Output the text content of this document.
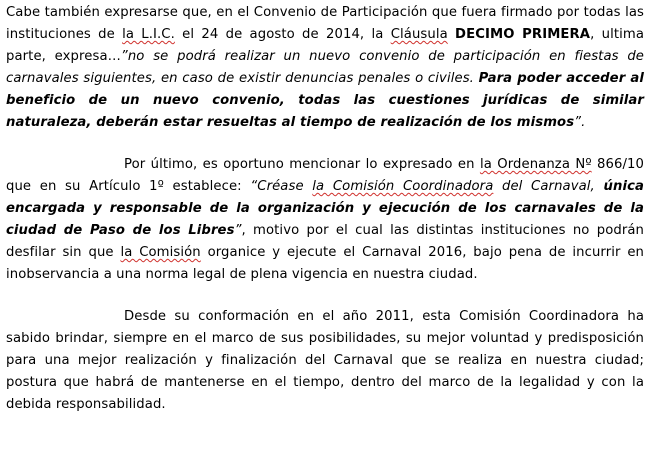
Cabe también expresarse que, en el Convenio de Participación que fuera firmado por todas las instituciones de la L.I.C. el 24 de agosto de 2014, la Cláusula DECIMO PRIMERA, ultima parte, expresa…”no se podrá realizar un nuevo convenio de participación en fiestas de carnavales siguientes, en caso de existir denuncias penales o civiles. Para poder acceder al beneficio de un nuevo convenio, todas las cuestiones jurídicas de similar naturaleza, deberán estar resueltas al tiempo de realización de los mismos”.

Por último, es oportuno mencionar lo expresado en la Ordenanza Nº 866/10 que en su Artículo 1º establece: “Créase la Comisión Coordinadora del Carnaval, única encargada y responsable de la organización y ejecución de los carnavales de la ciudad de Paso de los Libres”, motivo por el cual las distintas instituciones no podrán desfilar sin que la Comisión organice y ejecute el Carnaval 2016, bajo pena de incurrir en inobservancia a una norma legal de plena vigencia en nuestra ciudad.

Desde su conformación en el año 2011, esta Comisión Coordinadora ha sabido brindar, siempre en el marco de sus posibilidades, su mejor voluntad y predisposición para una mejor realización y finalización del Carnaval que se realiza en nuestra ciudad; postura que habrá de mantenerse en el tiempo, dentro del marco de la legalidad y con la debida responsabilidad.
